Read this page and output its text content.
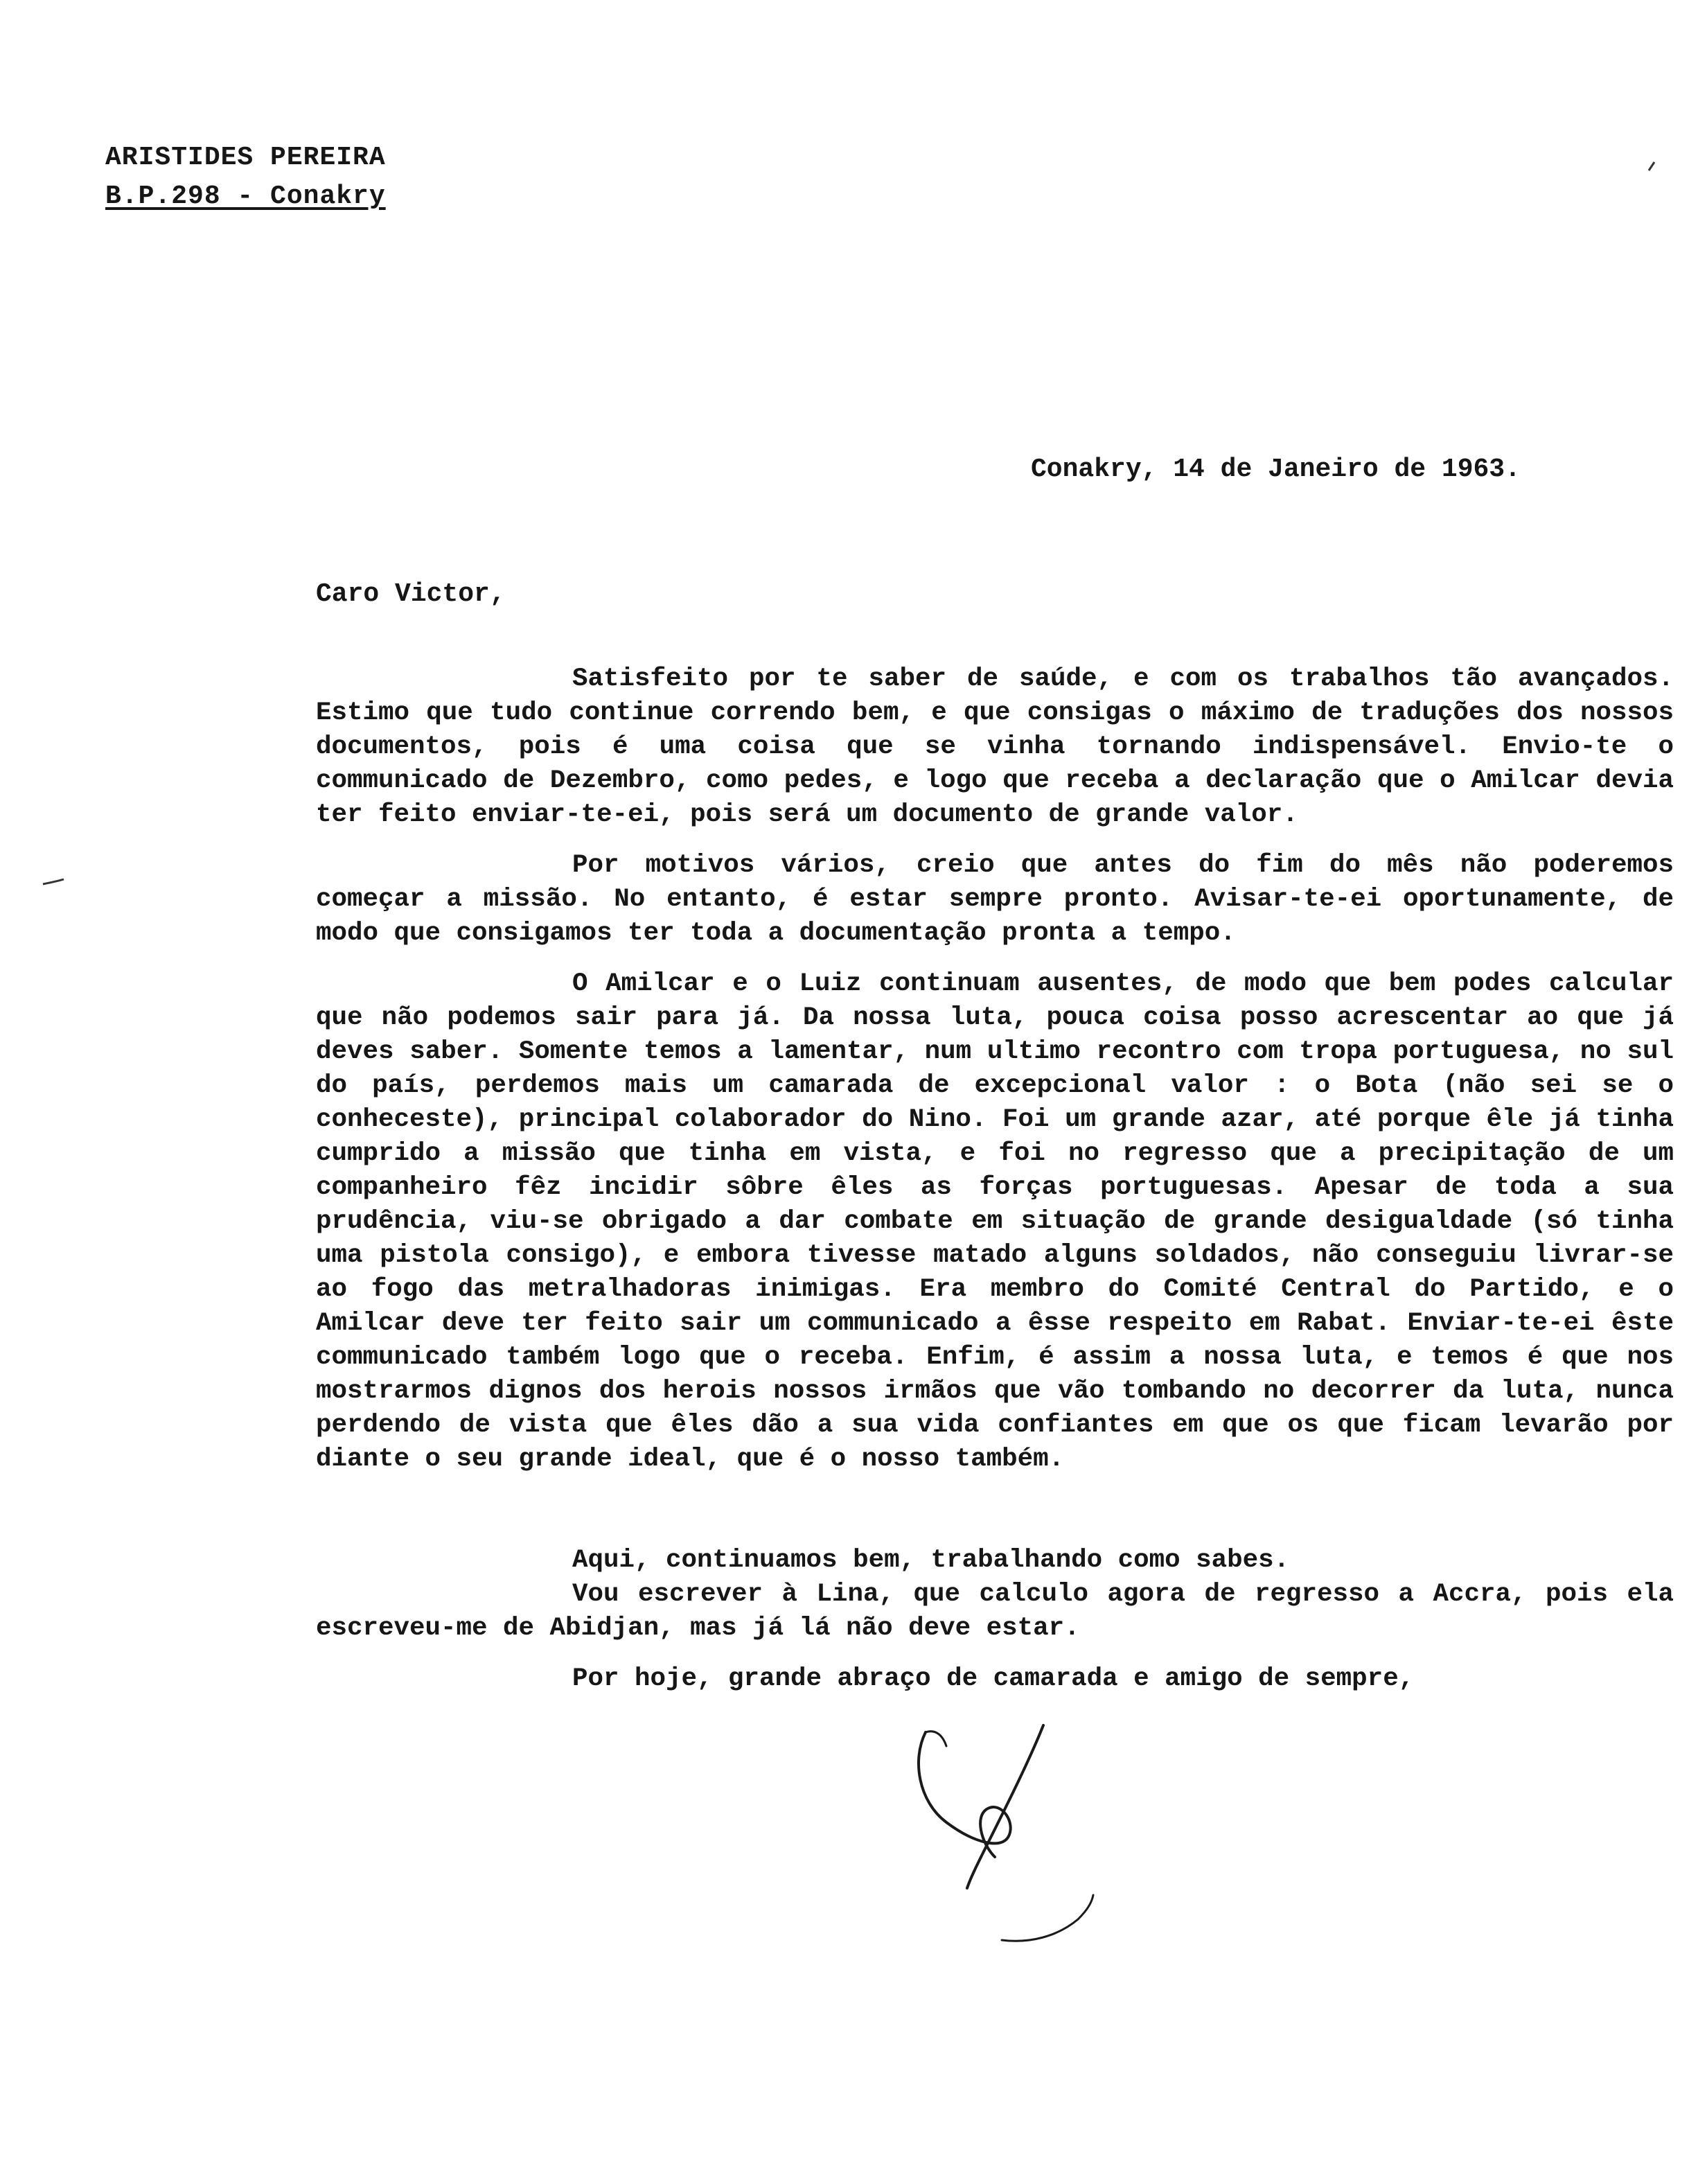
ARISTIDES PEREIRA
B.P.298 - Conakry
Conakry, 14 de Janeiro de 1963.
Caro Victor,

Satisfeito por te saber de saúde, e com os trabalhos tão avançados. Estimo que tudo continue correndo bem, e que consigas o máximo de traduções dos nossos documentos, pois é uma coisa que se vinha tornando indispensável. Envio-te o communicado de Dezembro, como pedes, e logo que receba a declaração que o Amilcar devia ter feito enviar-te-ei, pois será um documento de grande valor.

Por motivos vários, creio que antes do fim do mês não poderemos começar a missão. No entanto, é estar sempre pronto. Avisar-te-ei oportunamente, de modo que consigamos ter toda a documentação pronta a tempo.

O Amilcar e o Luiz continuam ausentes, de modo que bem podes calcular que não podemos sair para já. Da nossa luta, pouca coisa posso acrescentar ao que já deves saber. Somente temos a lamentar, num ultimo recontro com tropa portuguesa, no sul do país, perdemos mais um camarada de excepcional valor : o Bota (não sei se o conheceste), principal colaborador do Nino. Foi um grande azar, até porque êle já tinha cumprido a missão que tinha em vista, e foi no regresso que a precipitação de um companheiro fêz incidir sôbre êles as forças portuguesas. Apesar de toda a sua prudência, viu-se obrigado a dar combate em situação de grande desigualdade (só tinha uma pistola consigo), e embora tivesse matado alguns soldados, não conseguiu livrar-se ao fogo das metralhadoras inimigas. Era membro do Comité Central do Partido, e o Amilcar deve ter feito sair um communicado a êsse respeito em Rabat. Enviar-te-ei êste communicado também logo que o receba. Enfim, é assim a nossa luta, e temos é que nos mostrarmos dignos dos herois nossos irmãos que vão tombando no decorrer da luta, nunca perdendo de vista que êles dão a sua vida confiantes em que os que ficam levarão por diante o seu grande ideal, que é o nosso também.

Aqui, continuamos bem, trabalhando como sabes.

Vou escrever à Lina, que calculo agora de regresso a Accra, pois ela escreveu-me de Abidjan, mas já lá não deve estar.

Por hoje, grande abraço de camarada e amigo de sempre,
